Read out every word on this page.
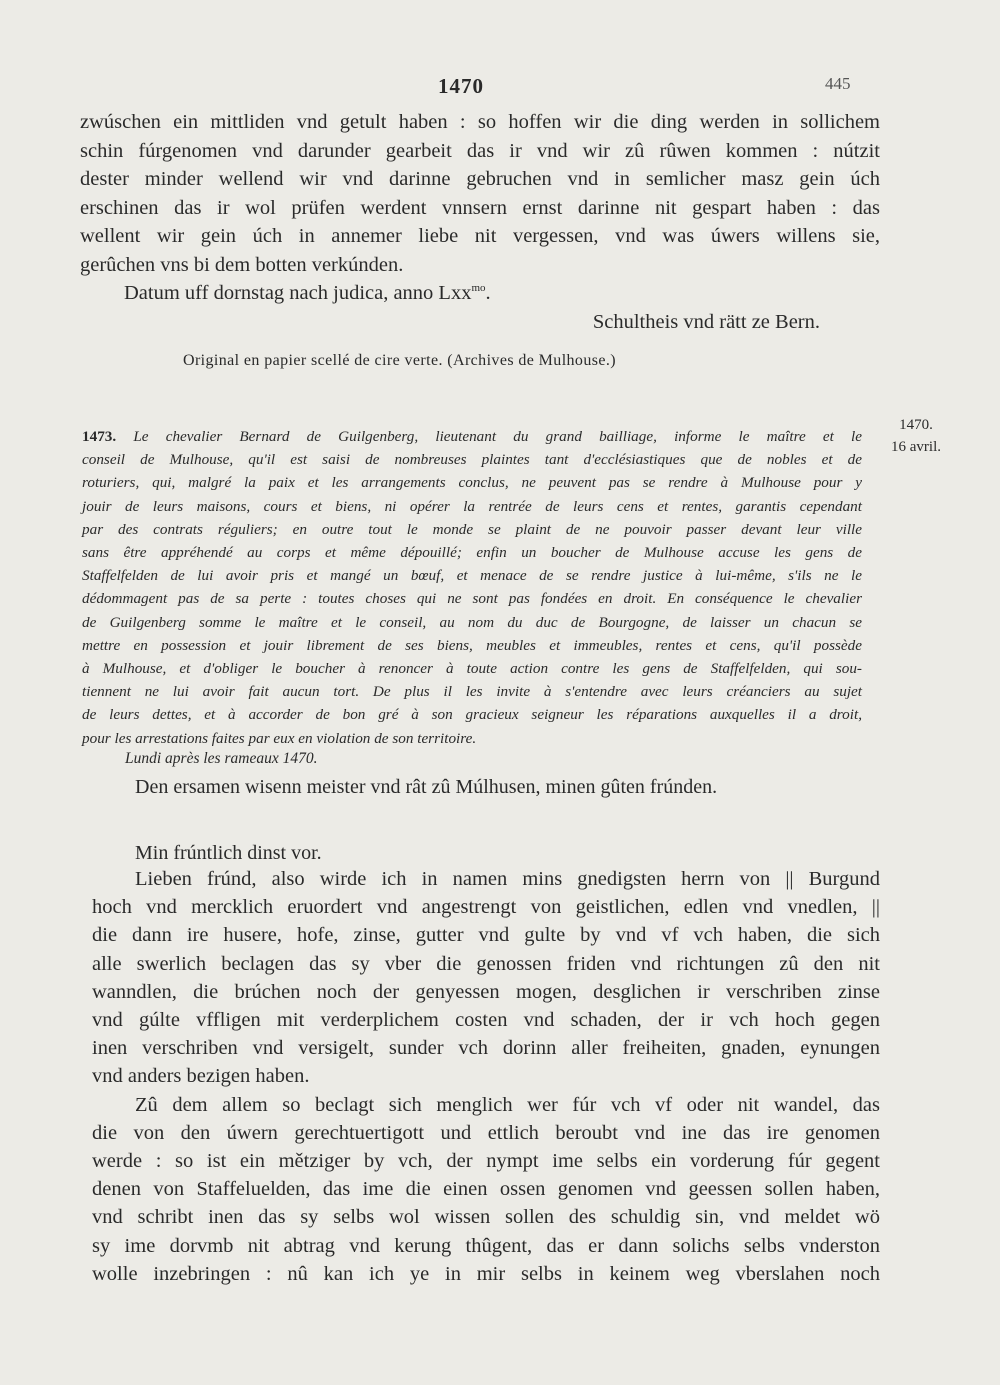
1470	445
zwúschen ein mittliden vnd getult haben : so hoffen wir die ding werden in sollichem
schin fúrgenomen vnd darunder gearbeit das ir vnd wir zû rûwen kommen : nútzit
dester minder wellend wir vnd darinne gebruchen vnd in semlicher masz gein úch
erschinen das ir wol prüfen werdent vnnsern ernst darinne nit gespart haben : das
wellent wir gein úch in annemer liebe nit vergessen, vnd was úwers willens sie,
gerûchen vns bi dem botten verkúnden.
Datum uff dornstag nach judica, anno Lxx$^{mo}$.
Schultheis vnd rätt ze Bern.
Original en papier scellé de cire verte. (Archives de Mulhouse.)
1470.
16 avril.
1473. Le chevalier Bernard de Guilgenberg, lieutenant du grand bailliage, informe le maître et le
conseil de Mulhouse, qu'il est saisi de nombreuses plaintes tant d'ecclésiastiques que de nobles et de
roturiers, qui, malgré la paix et les arrangements conclus, ne peuvent pas se rendre à Mulhouse pour y
jouir de leurs maisons, cours et biens, ni opérer la rentrée de leurs cens et rentes, garantis cependant
par des contrats réguliers; en outre tout le monde se plaint de ne pouvoir passer devant leur ville
sans être appréhendé au corps et même dépouillé; enfin un boucher de Mulhouse accuse les gens de
Staffelfelden de lui avoir pris et mangé un bœuf, et menace de se rendre justice à lui-même, s'ils ne le
dédommagent pas de sa perte : toutes choses qui ne sont pas fondées en droit. En conséquence le chevalier
de Guilgenberg somme le maître et le conseil, au nom du duc de Bourgogne, de laisser un chacun se
mettre en possession et jouir librement de ses biens, meubles et immeubles, rentes et cens, qu'il possède
à Mulhouse, et d'obliger le boucher à renoncer à toute action contre les gens de Staffelfelden, qui sou-
tiennent ne lui avoir fait aucun tort. De plus il les invite à s'entendre avec leurs créanciers au sujet
de leurs dettes, et à accorder de bon gré à son gracieux seigneur les réparations auxquelles il a droit,
pour les arrestations faites par eux en violation de son territoire.
Lundi après les rameaux 1470.
Den ersamen wisenn meister vnd rât zû Múlhusen, minen gûten frúnden.
Min frúntlich dinst vor.
Lieben frúnd, also wirde ich in namen mins gnedigsten herrn von || Burgund
hoch vnd mercklich eruordert vnd angestrengt von geistlichen, edlen vnd vnedlen, ||
die dann ire husere, hofe, zinse, gutter vnd gulte by vnd vf vch haben, die sich
alle swerlich beclagen das sy vber die genossen friden vnd richtungen zû den nit
wanndlen, die brúchen noch der genyessen mogen, desglichen ir verschriben zinse
vnd gúlte vffligen mit verderplichem costen vnd schaden, der ir vch hoch gegen
inen verschriben vnd versigelt, sunder vch dorinn aller freiheiten, gnaden, eynungen
vnd anders bezigen haben.
Zû dem allem so beclagt sich menglich wer fúr vch vf oder nit wandel, das
die von den úwern gerechtuertigott und ettlich beroubt vnd ine das ire genomen
werde : so ist ein mětziger by vch, der nympt ime selbs ein vorderung fúr gegent
denen von Staffeluelden, das ime die einen ossen genomen vnd geessen sollen haben,
vnd schribt inen das sy selbs wol wissen sollen des schuldig sin, vnd meldet wö
sy ime dorvmb nit abtrag vnd kerung thûgent, das er dann solichs selbs vnderston
wolle inzebringen : nû kan ich ye in mir selbs in keinem weg vberslahen noch
